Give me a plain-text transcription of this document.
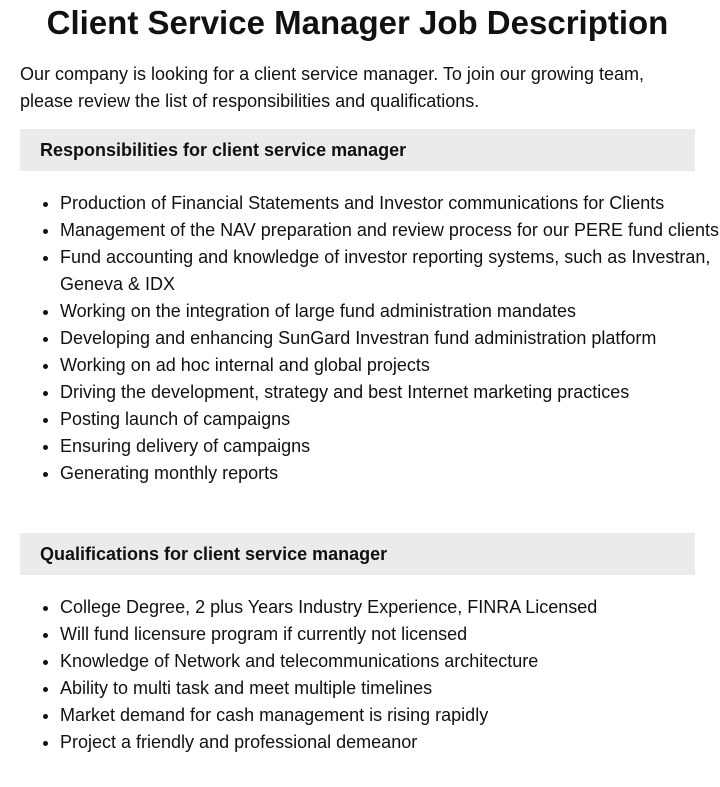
Client Service Manager Job Description
Our company is looking for a client service manager. To join our growing team, please review the list of responsibilities and qualifications.
Responsibilities for client service manager
• Production of Financial Statements and Investor communications for Clients
• Management of the NAV preparation and review process for our PERE fund clients
• Fund accounting and knowledge of investor reporting systems, such as Investran, Geneva & IDX
• Working on the integration of large fund administration mandates
• Developing and enhancing SunGard Investran fund administration platform
• Working on ad hoc internal and global projects
• Driving the development, strategy and best Internet marketing practices
• Posting launch of campaigns
• Ensuring delivery of campaigns
• Generating monthly reports
Qualifications for client service manager
• College Degree, 2 plus Years Industry Experience, FINRA Licensed
• Will fund licensure program if currently not licensed
• Knowledge of Network and telecommunications architecture
• Ability to multi task and meet multiple timelines
• Market demand for cash management is rising rapidly
• Project a friendly and professional demeanor
